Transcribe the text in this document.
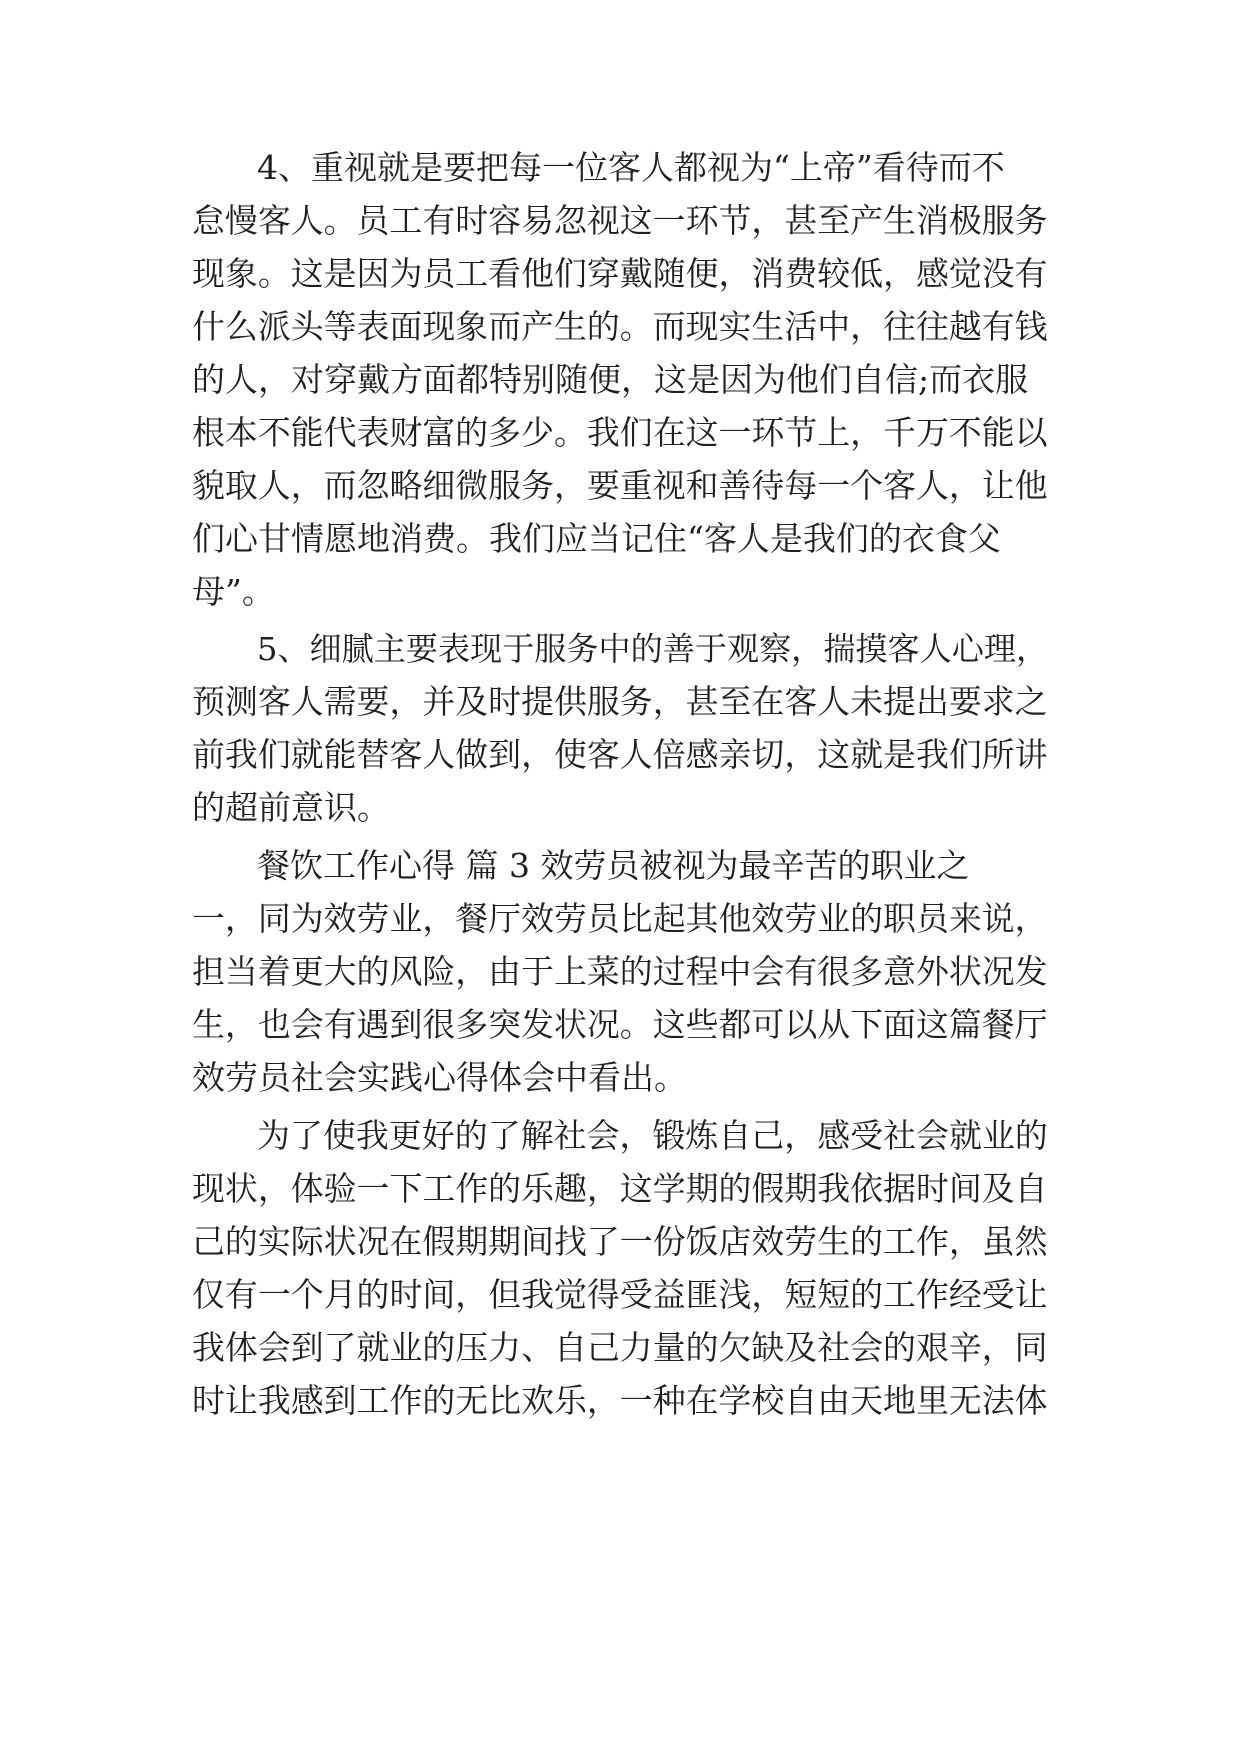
4、重视就是要把每一位客人都视为“上帝”看待而不
怠慢客人。员工有时容易忽视这一环节，甚至产生消极服务
现象。这是因为员工看他们穿戴随便，消费较低，感觉没有
什么派头等表面现象而产生的。而现实生活中，往往越有钱
的人，对穿戴方面都特别随便，这是因为他们自信;而衣服
根本不能代表财富的多少。我们在这一环节上，千万不能以
貌取人，而忽略细微服务，要重视和善待每一个客人，让他
们心甘情愿地消费。我们应当记住“客人是我们的衣食父
母”。
5、细腻主要表现于服务中的善于观察，揣摸客人心理，
预测客人需要，并及时提供服务，甚至在客人未提出要求之
前我们就能替客人做到，使客人倍感亲切，这就是我们所讲
的超前意识。
餐饮工作心得 篇 3 效劳员被视为最辛苦的职业之
一，同为效劳业，餐厅效劳员比起其他效劳业的职员来说，
担当着更大的风险，由于上菜的过程中会有很多意外状况发
生，也会有遇到很多突发状况。这些都可以从下面这篇餐厅
效劳员社会实践心得体会中看出。
为了使我更好的了解社会，锻炼自己，感受社会就业的
现状，体验一下工作的乐趣，这学期的假期我依据时间及自
己的实际状况在假期期间找了一份饭店效劳生的工作，虽然
仅有一个月的时间，但我觉得受益匪浅，短短的工作经受让
我体会到了就业的压力、自己力量的欠缺及社会的艰辛，同
时让我感到工作的无比欢乐，一种在学校自由天地里无法体
